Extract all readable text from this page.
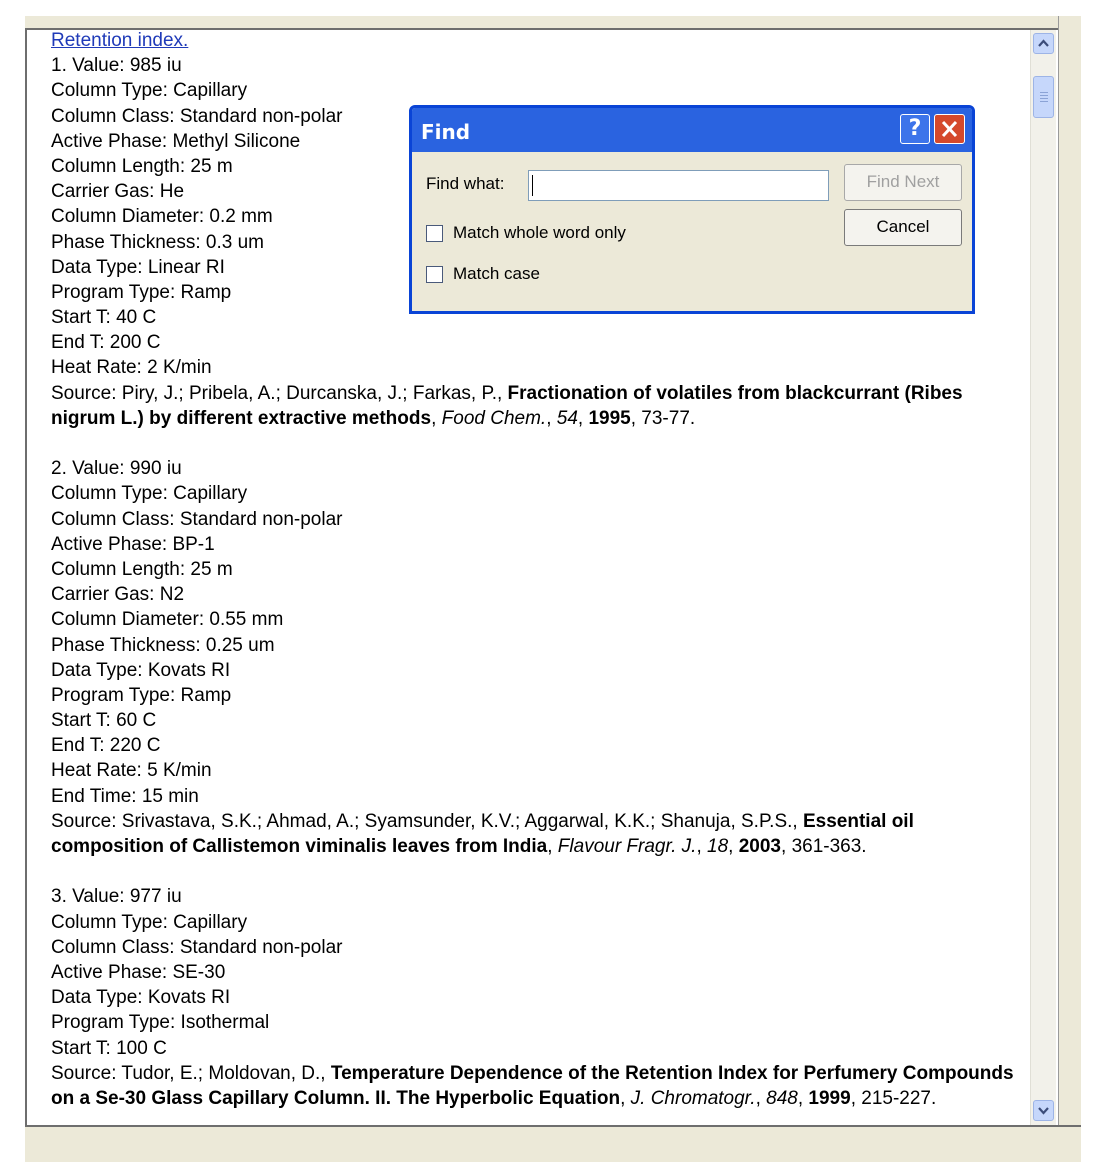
Retention index.
1. Value: 985 iu
Column Type: Capillary
Column Class: Standard non-polar
Active Phase: Methyl Silicone
Column Length: 25 m
Carrier Gas: He
Column Diameter: 0.2 mm
Phase Thickness: 0.3 um
Data Type: Linear RI
Program Type: Ramp
Start T: 40 C
End T: 200 C
Heat Rate: 2 K/min
Source: Piry, J.; Pribela, A.; Durcanska, J.; Farkas, P., Fractionation of volatiles from blackcurrant (Ribes nigrum L.) by different extractive methods, Food Chem., 54, 1995, 73-77.
2. Value: 990 iu
Column Type: Capillary
Column Class: Standard non-polar
Active Phase: BP-1
Column Length: 25 m
Carrier Gas: N2
Column Diameter: 0.55 mm
Phase Thickness: 0.25 um
Data Type: Kovats RI
Program Type: Ramp
Start T: 60 C
End T: 220 C
Heat Rate: 5 K/min
End Time: 15 min
Source: Srivastava, S.K.; Ahmad, A.; Syamsunder, K.V.; Aggarwal, K.K.; Shanuja, S.P.S., Essential oil composition of Callistemon viminalis leaves from India, Flavour Fragr. J., 18, 2003, 361-363.
3. Value: 977 iu
Column Type: Capillary
Column Class: Standard non-polar
Active Phase: SE-30
Data Type: Kovats RI
Program Type: Isothermal
Start T: 100 C
Source: Tudor, E.; Moldovan, D., Temperature Dependence of the Retention Index for Perfumery Compounds on a Se-30 Glass Capillary Column. II. The Hyperbolic Equation, J. Chromatogr., 848, 1999, 215-227.
Find	?
Find what:	Find Next
Cancel
Match whole word only
Match case
